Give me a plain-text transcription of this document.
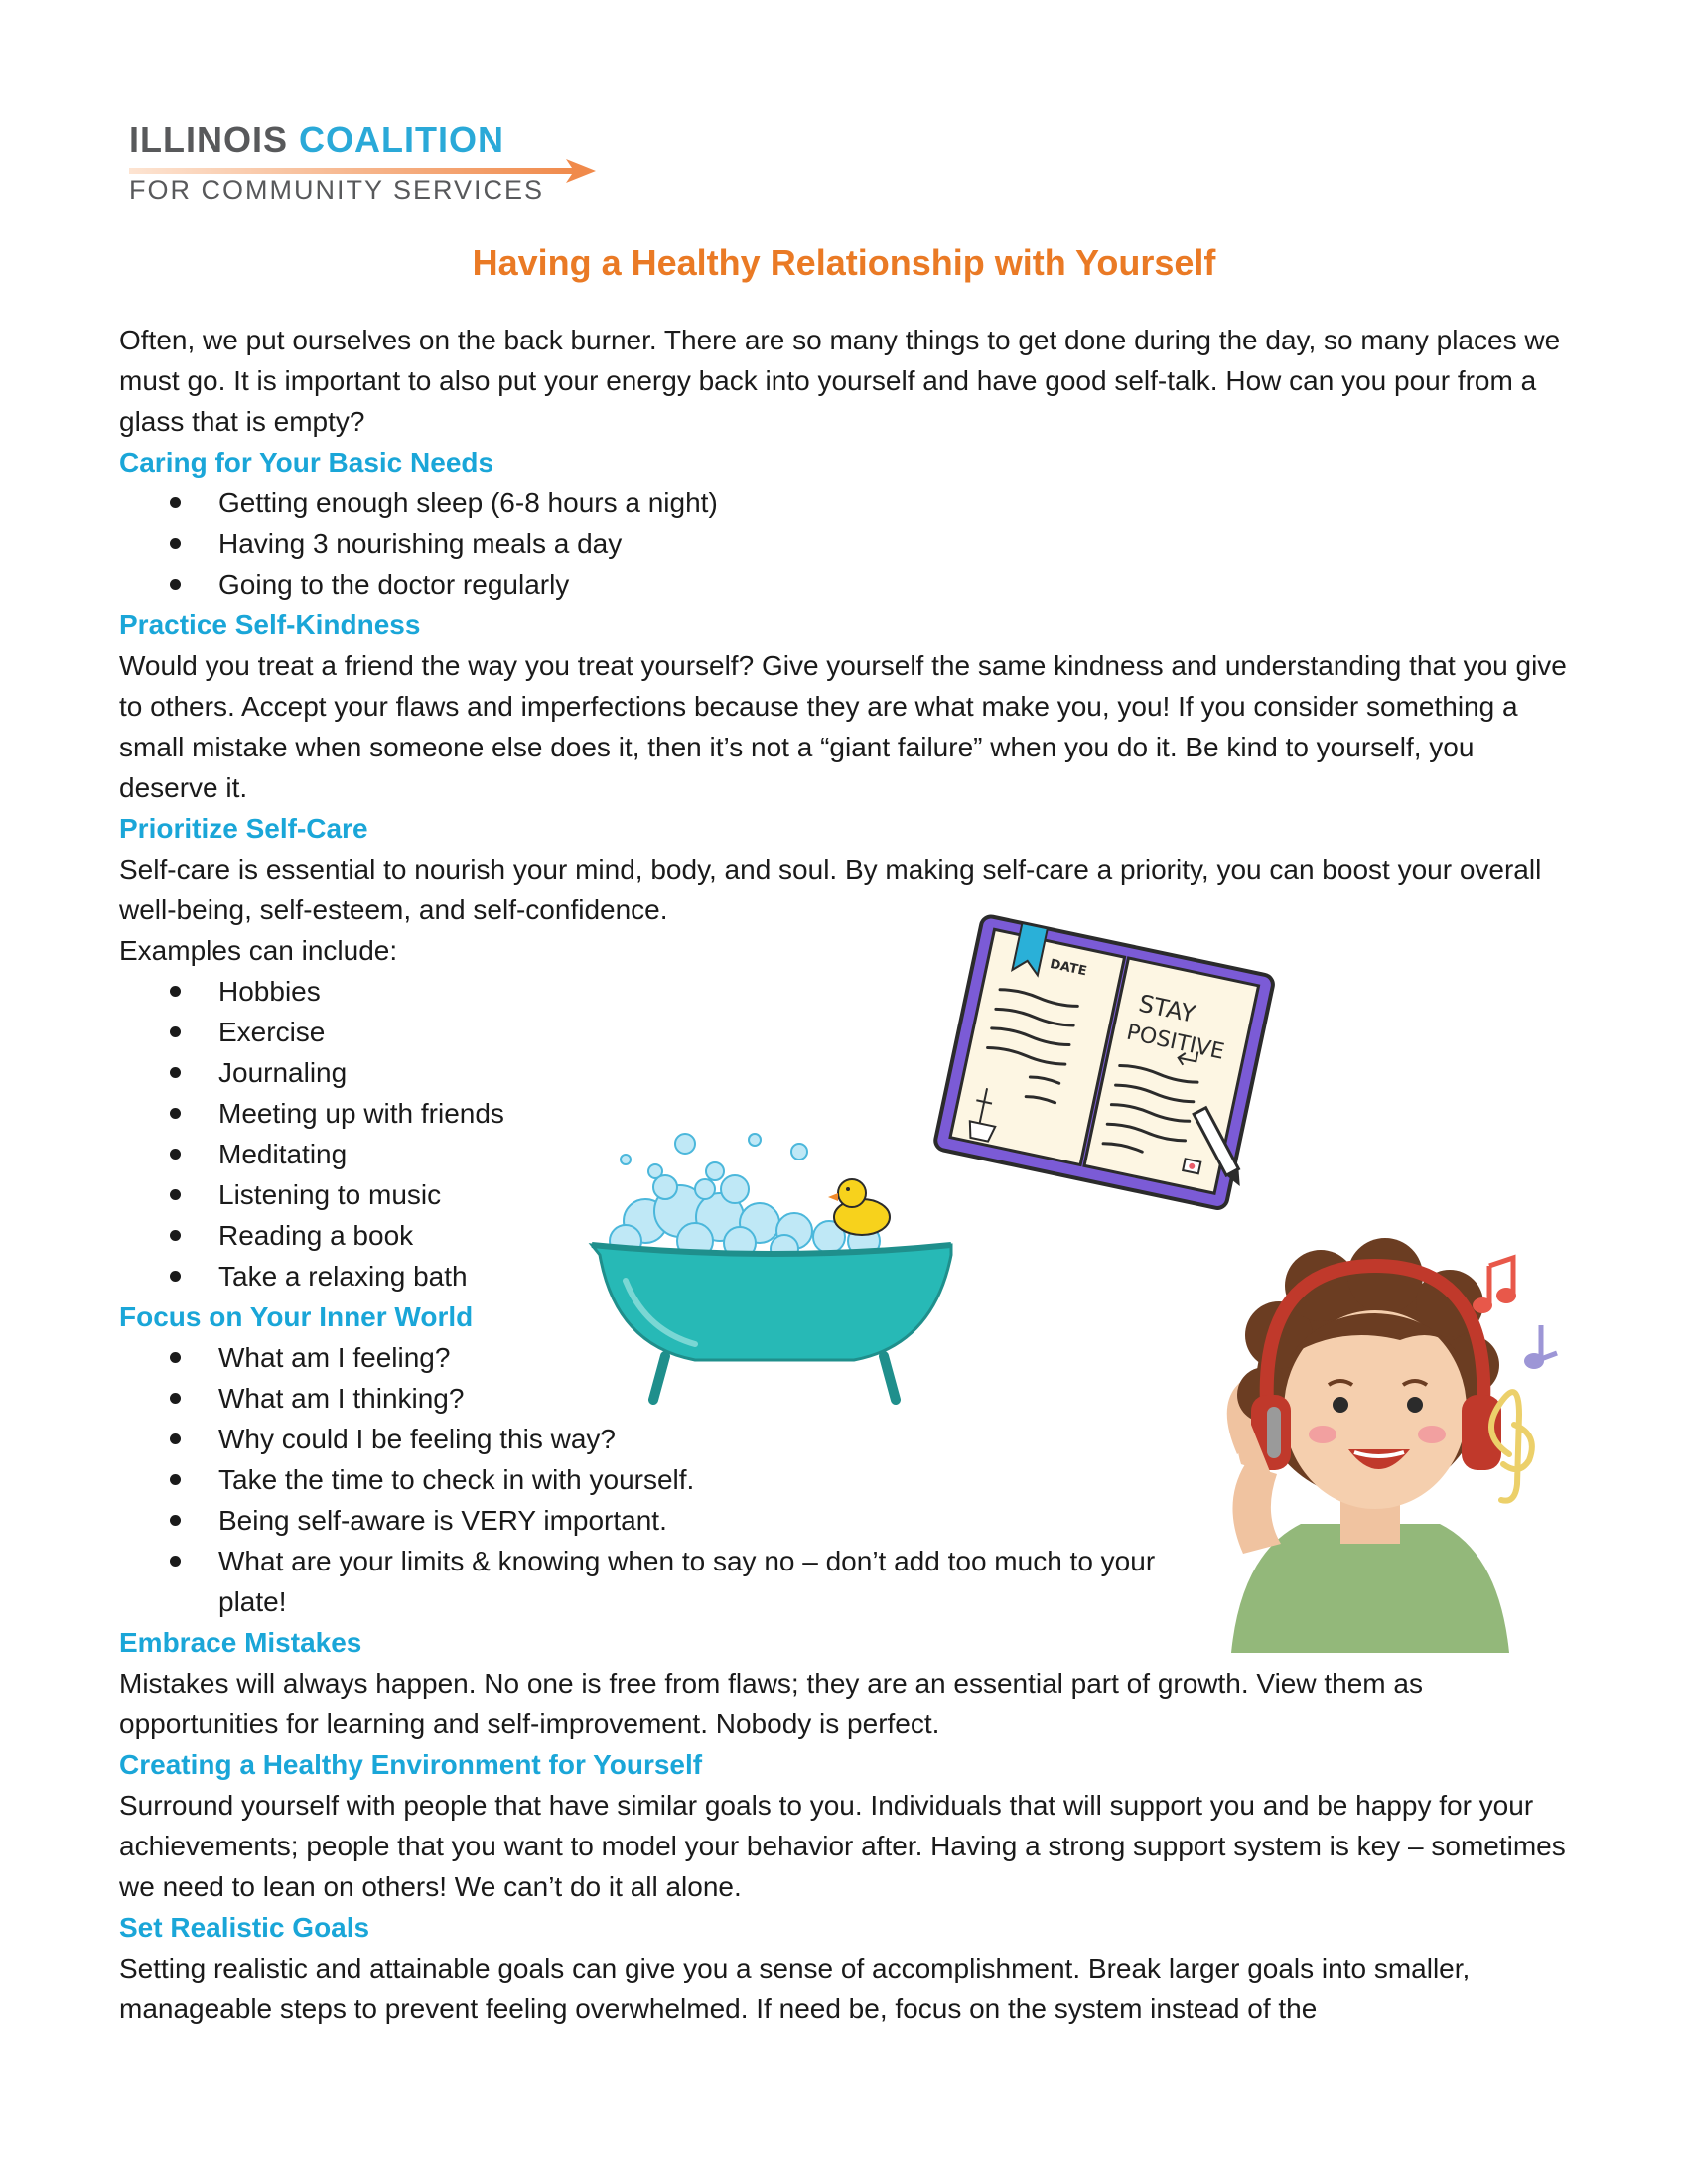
ILLINOIS COALITION
FOR COMMUNITY SERVICES
Having a Healthy Relationship with Yourself

Often, we put ourselves on the back burner. There are so many things to get done during the day, so many places we must go. It is important to also put your energy back into yourself and have good self-talk. How can you pour from a glass that is empty?

Caring for Your Basic Needs

Getting enough sleep (6-8 hours a night)
Having 3 nourishing meals a day
Going to the doctor regularly

Practice Self-Kindness

Would you treat a friend the way you treat yourself? Give yourself the same kindness and understanding that you give to others. Accept your flaws and imperfections because they are what make you, you! If you consider something a small mistake when someone else does it, then it’s not a “giant failure” when you do it. Be kind to yourself, you deserve it.

Prioritize Self-Care

Self-care is essential to nourish your mind, body, and soul. By making self-care a priority, you can boost your overall well-being, self-esteem, and self-confidence.

Examples can include:

Hobbies
Exercise
Journaling
Meeting up with friends
Meditating
Listening to music
Reading a book
Take a relaxing bath

Focus on Your Inner World

What am I feeling?
What am I thinking?
Why could I be feeling this way?
Take the time to check in with yourself.
Being self-aware is VERY important.
What are your limits & knowing when to say no – don’t add too much to your plate!

Embrace Mistakes

Mistakes will always happen. No one is free from flaws; they are an essential part of growth. View them as opportunities for learning and self-improvement. Nobody is perfect.

Creating a Healthy Environment for Yourself

Surround yourself with people that have similar goals to you. Individuals that will support you and be happy for your achievements; people that you want to model your behavior after. Having a strong support system is key – sometimes we need to lean on others! We can’t do it all alone.

Set Realistic Goals

Setting realistic and attainable goals can give you a sense of accomplishment. Break larger goals into smaller, manageable steps to prevent feeling overwhelmed. If need be, focus on the system instead of the

DATE
STAY
POSITIVE
